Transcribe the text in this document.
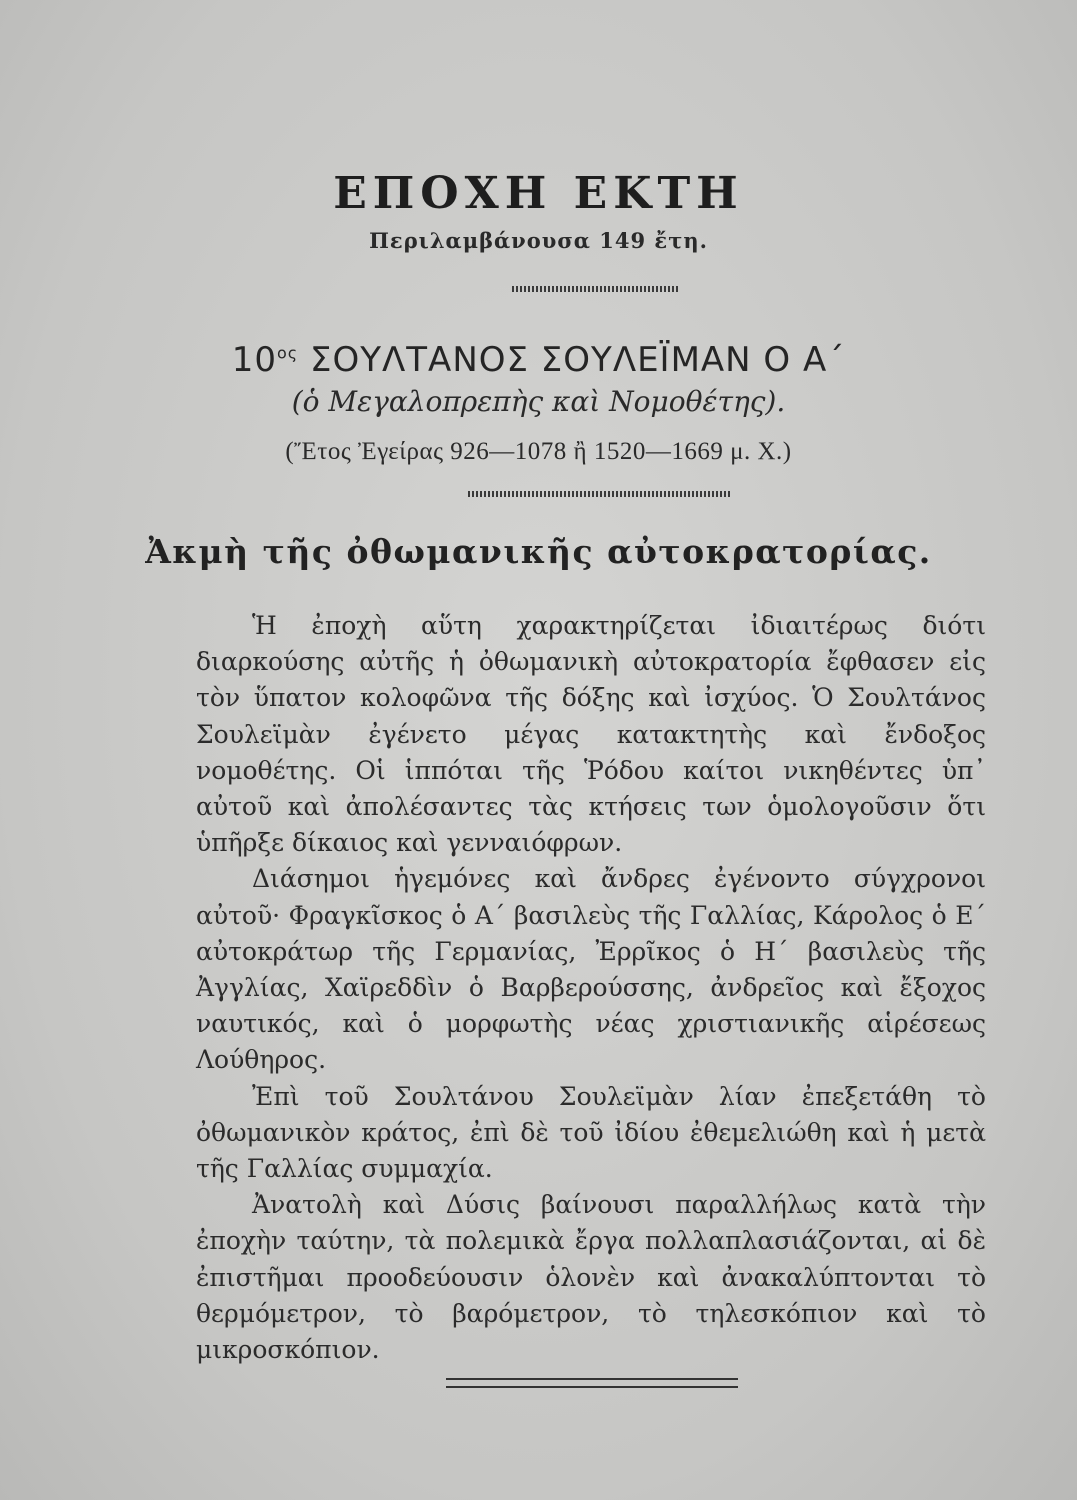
ΕΠΟΧΗ ΕΚΤΗ
Περιλαμβάνουσα 149 ἔτη.
$10^{o\varsigma}$ ΣΟΥΛΤΑΝΟΣ ΣΟΥΛΕΪΜΑΝ Ο Α΄
(ὁ Μεγαλοπρεπὴς καὶ Νομοθέτης).
(Ἔτος Ἐγείρας 926—1078 ἢ 1520—1669 μ. Χ.)
Ἀκμὴ τῆς ὀθωμανικῆς αὐτοκρατορίας.

Ἡ ἐποχὴ αὕτη χαρακτηρίζεται ἰδιαιτέρως διότι διαρκούσης αὐτῆς ἡ ὀθωμανικὴ αὐτοκρατορία ἔφθασεν εἰς τὸν ὕπατον κολοφῶνα τῆς δόξης καὶ ἰσχύος. Ὁ Σουλτάνος Σουλεϊμὰν ἐγένετο μέγας κατακτητὴς καὶ ἔνδοξος νομοθέτης. Οἱ ἱππόται τῆς Ῥόδου καίτοι νικηθέντες ὑπ᾽ αὐτοῦ καὶ ἀπολέσαντες τὰς κτήσεις των ὁμολογοῦσιν ὅτι ὑπῆρξε δίκαιος καὶ γενναιόφρων.

Διάσημοι ἡγεμόνες καὶ ἄνδρες ἐγένοντο σύγχρονοι αὐτοῦ· Φραγκῖσκος ὁ Α΄ βασιλεὺς τῆς Γαλλίας, Κάρολος ὁ Ε΄ αὐτοκράτωρ τῆς Γερμανίας, Ἐρρῖκος ὁ Η΄ βασιλεὺς τῆς Ἀγγλίας, Χαϊρεδδὶν ὁ Βαρβερούσσης, ἀνδρεῖος καὶ ἔξοχος ναυτικός, καὶ ὁ μορφωτὴς νέας χριστιανικῆς αἱρέσεως Λούθηρος.

Ἐπὶ τοῦ Σουλτάνου Σουλεϊμὰν λίαν ἐπεξετάθη τὸ ὀθωμανικὸν κράτος, ἐπὶ δὲ τοῦ ἰδίου ἐθεμελιώθη καὶ ἡ μετὰ τῆς Γαλλίας συμμαχία.

Ἀνατολὴ καὶ Δύσις βαίνουσι παραλλήλως κατὰ τὴν ἐποχὴν ταύτην, τὰ πολεμικὰ ἔργα πολλαπλασιάζονται, αἱ δὲ ἐπιστῆμαι προοδεύουσιν ὁλονὲν καὶ ἀνακαλύπτονται τὸ θερμόμετρον, τὸ βαρόμετρον, τὸ τηλεσκόπιον καὶ τὸ μικροσκόπιον.
